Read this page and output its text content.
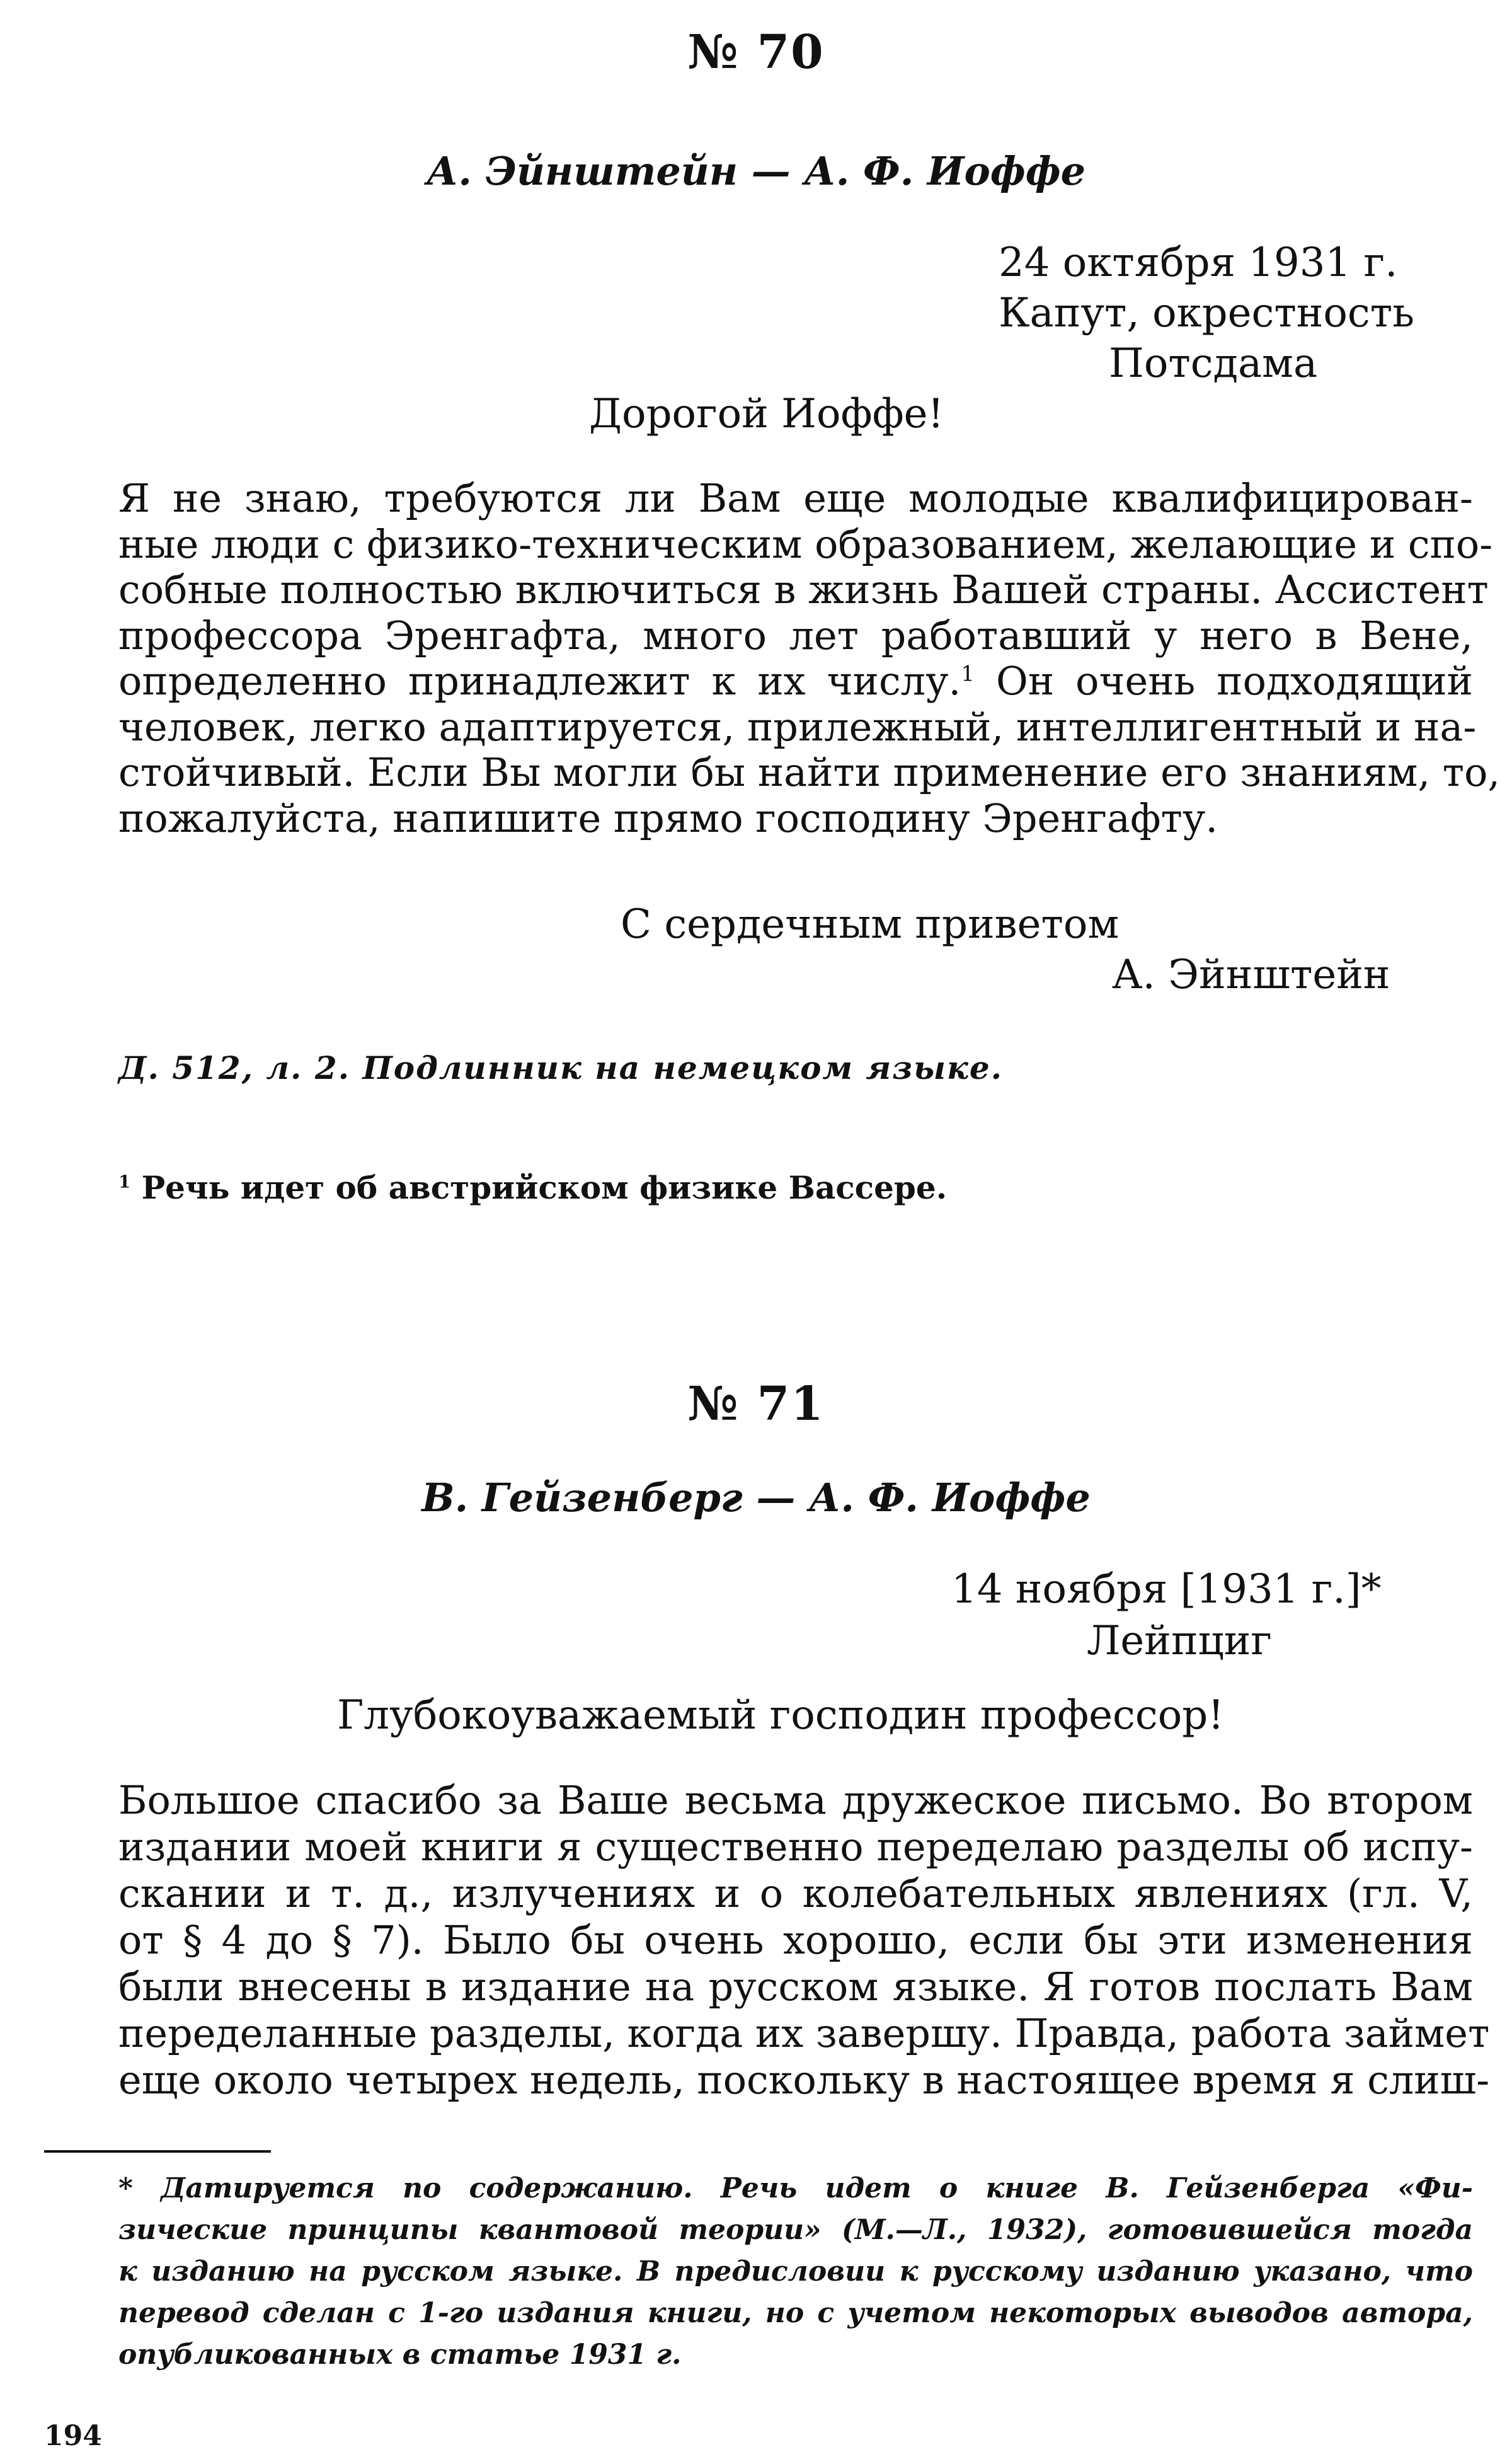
№ 70
А. Эйнштейн — А. Ф. Иоффе
24 октября 1931 г.
Капут, окрестность
Потсдама
Дорогой Иоффе!
Я не знаю, требуются ли Вам еще молодые квалифицирован-
ные люди с физико-техническим образованием, желающие и спо-
собные полностью включиться в жизнь Вашей страны. Ассистент
профессора Эренгафта, много лет работавший у него в Вене,
определенно принадлежит к их числу.$^1$ Он очень подходящий
человек, легко адаптируется, прилежный, интеллигентный и на-
стойчивый. Если Вы могли бы найти применение его знаниям, то,
пожалуйста, напишите прямо господину Эренгафту.
С сердечным приветом
А. Эйнштейн
Д. 512, л. 2. Подлинник на немецком языке.
$^1$ Речь идет об австрийском физике Вассере.
№ 71
В. Гейзенберг — А. Ф. Иоффе
14 ноября [1931 г.]*
Лейпциг
Глубокоуважаемый господин профессор!
Большое спасибо за Ваше весьма дружеское письмо. Во втором
издании моей книги я существенно переделаю разделы об испу-
скании и т. д., излучениях и о колебательных явлениях (гл. V,
от § 4 до § 7). Было бы очень хорошо, если бы эти изменения
были внесены в издание на русском языке. Я готов послать Вам
переделанные разделы, когда их завершу. Правда, работа займет
еще около четырех недель, поскольку в настоящее время я слиш-
* Датируется по содержанию. Речь идет о книге В. Гейзенберга «Фи-
зические принципы квантовой теории» (М.—Л., 1932), готовившейся тогда
к изданию на русском языке. В предисловии к русскому изданию указано, что
перевод сделан с 1-го издания книги, но с учетом некоторых выводов автора,
опубликованных в статье 1931 г.
194
